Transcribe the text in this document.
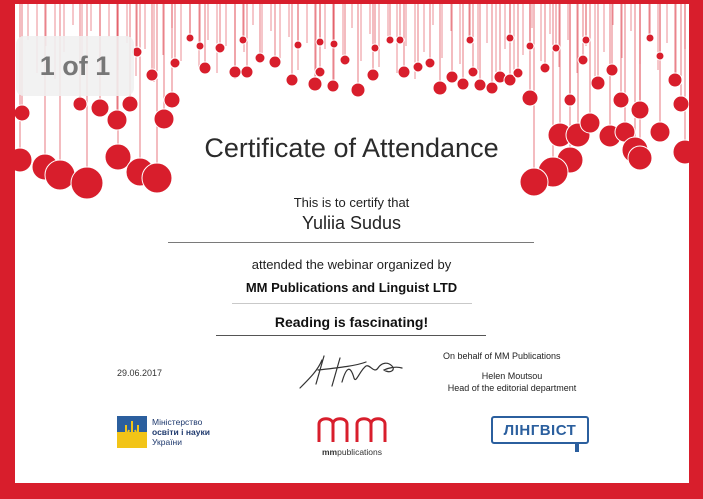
1 of 1
Certificate of Attendance
This is to certify that
Yuliia Sudus
attended the webinar organized by
MM Publications and Linguist LTD
Reading is fascinating!
29.06.2017
On behalf of MM Publications
Helen Moutsou
Head of the editorial department
Міністерство
освіти і науки
України
mmpublications
ЛІНГВІСТ
